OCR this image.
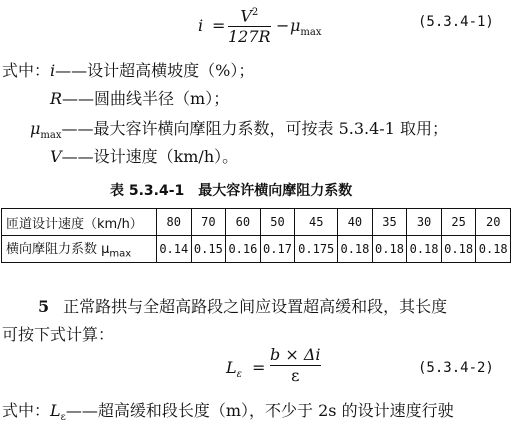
i =
$V^2$
127R
− $\mu_{max}$
(5.3.4-1)
式中：i——设计超高横坡度（%）；
R——圆曲线半径（m）；
$\mu_{max}——$最大容许横向摩阻力系数，可按表 5.3.4-1 取用；
V——设计速度（km/h）。
表 5.3.4-1　最大容许横向摩阻力系数
匝道设计速度（km/h）	80	70	60	50	45	40	35	30	25	20
横向摩阻力系数 $\mu_{max}$	0.14	0.15	0.16	0.17	0.175	0.18	0.18	0.18	0.18	0.18
5 正常路拱与全超高路段之间应设置超高缓和段，其长度
可按下式计算：
$L_\varepsilon$ =
b × Δi
ε	(5.3.4-2)
式中：$L_\varepsilon——$超高缓和段长度（m），不少于 2s 的设计速度行驶
